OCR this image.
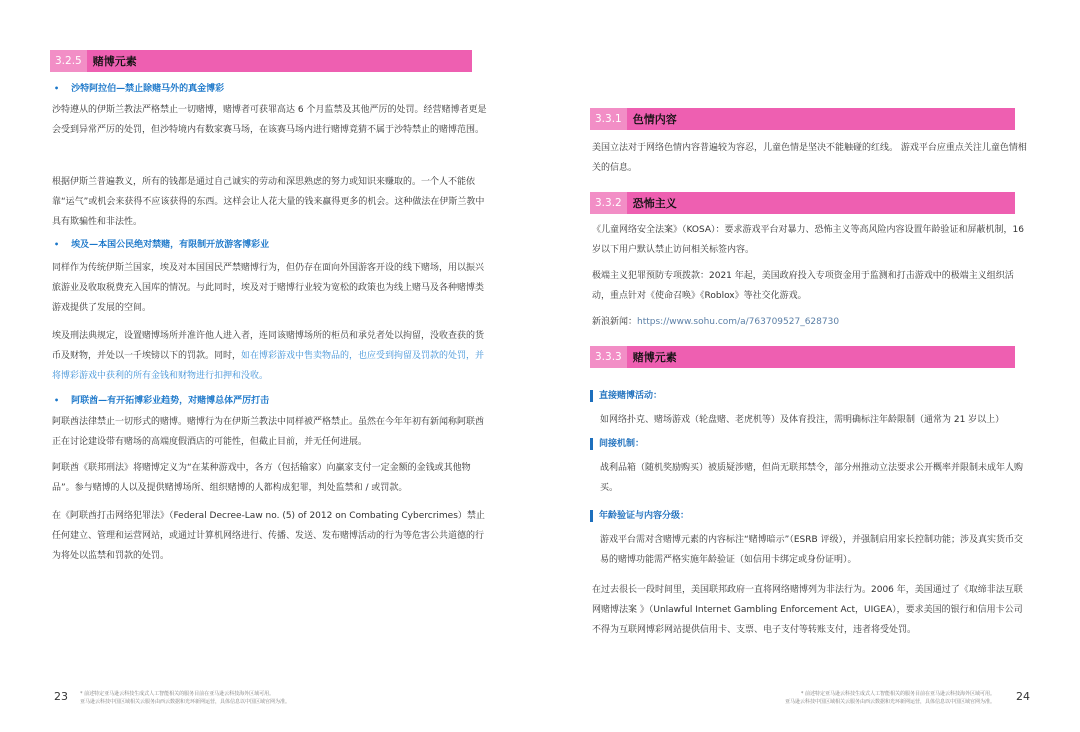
3.2.5	赌博元素
• 沙特阿拉伯—禁止除赌马外的真金博彩

沙特遵从的伊斯兰教法严格禁止一切赌博，赌博者可获罪高达 6 个月监禁及其他严厉的处罚。经营赌博者更是会受到异常严厉的处罚，但沙特境内有数家赛马场，在该赛马场内进行赌博竟猜不属于沙特禁止的赌博范围。

根据伊斯兰普遍教义，所有的钱都是通过自己诚实的劳动和深思熟虑的努力或知识来赚取的。一个人不能依靠“运气”或机会来获得不应该获得的东西。这样会让人花大量的钱来赢得更多的机会。这种做法在伊斯兰教中具有欺骗性和非法性。

• 埃及—本国公民绝对禁赌，有限制开放游客博彩业

同样作为传统伊斯兰国家，埃及对本国国民严禁赌博行为，但仍存在面向外国游客开设的线下赌场，用以振兴旅游业及收取税费充入国库的情况。与此同时，埃及对于赌博行业较为宽松的政策也为线上赌马及各种赌博类游戏提供了发展的空间。

埃及刑法典规定，设置赌博场所并准许他人进入者，连同该赌博场所的柜员和承兑者处以拘留，没收查获的货币及财物，并处以一千埃镑以下的罚款。同时，如在博彩游戏中售卖物品的，也应受到拘留及罚款的处罚，并将博彩游戏中获利的所有金钱和财物进行扣押和没收。

• 阿联酋—有开拓博彩业趋势，对赌博总体严厉打击

阿联酋法律禁止一切形式的赌博。赌博行为在伊斯兰教法中同样被严格禁止。虽然在今年年初有新闻称阿联酋正在讨论建设带有赌场的高端度假酒店的可能性，但截止目前，并无任何进展。

阿联酋《联邦刑法》将赌博定义为“在某种游戏中，各方（包括输家）向赢家支付一定金额的金钱或其他物品”。参与赌博的人以及提供赌博场所、组织赌博的人都构成犯罪，判处监禁和 / 或罚款。

在《阿联酋打击网络犯罪法》（Federal Decree-Law no. (5) of 2012 on Combating Cybercrimes）禁止任何建立、管理和运营网站，或通过计算机网络进行、传播、发送、发布赌博活动的行为等危害公共道德的行为将处以监禁和罚款的处罚。

23 * 前述特定亚马逊云科技生成式人工智能相关的服务目前在亚马逊云科技海外区域可用。
亚马逊云科技中国区域相关云服务由西云数据和光环新网运营，具体信息以中国区域官网为准。
3.3.1	色情内容

美国立法对于网络色情内容普遍较为容忍，儿童色情是坚决不能触碰的红线。 游戏平台应重点关注儿童色情相关的信息。

3.3.2	恐怖主义

《儿童网络安全法案》（KOSA）：要求游戏平台对暴力、恐怖主义等高风险内容设置年龄验证和屏蔽机制，16 岁以下用户默认禁止访问相关标签内容。

极端主义犯罪预防专项拨款：2021 年起，美国政府投入专项资金用于监测和打击游戏中的极端主义组织活动，重点针对《使命召唤》《Roblox》等社交化游戏。

新浪新闻：https://www.sohu.com/a/763709527_628730

3.3.3	赌博元素
直接赌博活动：

如网络扑克、赌场游戏（轮盘赌、老虎机等）及体育投注，需明确标注年龄限制（通常为 21 岁以上）

间接机制：

战利品箱（随机奖励购买）被质疑涉赌，但尚无联邦禁令，部分州推动立法要求公开概率并限制未成年人购买。

年龄验证与内容分级：

游戏平台需对含赌博元素的内容标注“赌博暗示”（ESRB 评级），并强制启用家长控制功能；涉及真实货币交易的赌博功能需严格实施年龄验证（如信用卡绑定或身份证明）。

在过去很长一段时间里，美国联邦政府一直将网络赌博列为非法行为。2006 年，美国通过了《取缔非法互联网赌博法案 》（Unlawful Internet Gambling Enforcement Act，UIGEA），要求美国的银行和信用卡公司不得为互联网博彩网站提供信用卡、支票、电子支付等转账支付，违者将受处罚。

* 前述特定亚马逊云科技生成式人工智能相关的服务目前在亚马逊云科技海外区域可用。
亚马逊云科技中国区域相关云服务由西云数据和光环新网运营，具体信息以中国区域官网为准。 24
